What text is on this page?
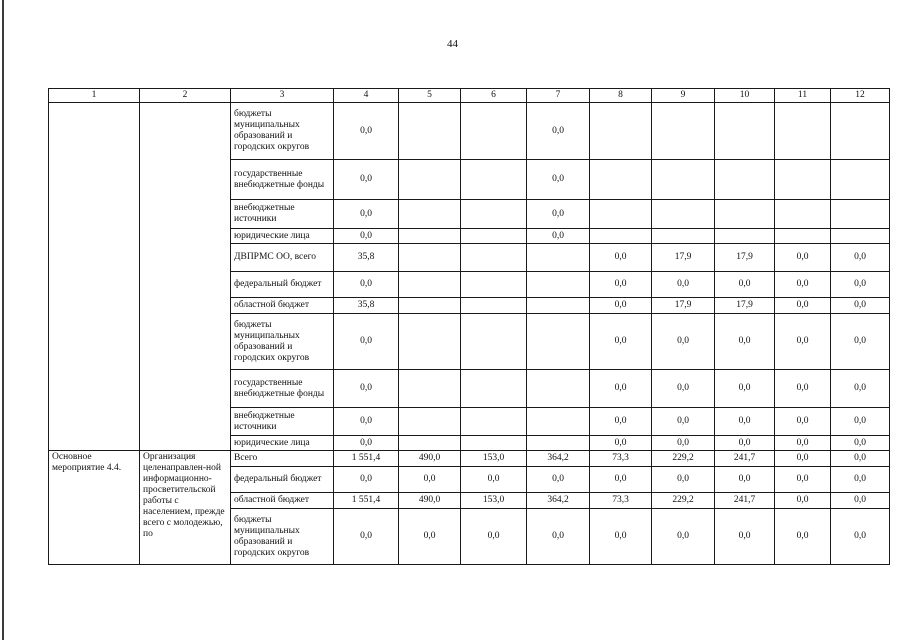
44
1	2	3	4	5	6	7	8	9	10	11	12
		бюджеты муниципальных образований и городских округов	0,0			0,0					
		государственные внебюджетные фонды	0,0			0,0					
		внебюджетные источники	0,0			0,0					
		юридические лица	0,0			0,0					
		ДВПРМС ОО, всего	35,8				0,0	17,9	17,9	0,0	0,0
		федеральный бюджет	0,0				0,0	0,0	0,0	0,0	0,0
		областной бюджет	35,8				0,0	17,9	17,9	0,0	0,0
		бюджеты муниципальных образований и городских округов	0,0				0,0	0,0	0,0	0,0	0,0
		государственные внебюджетные фонды	0,0				0,0	0,0	0,0	0,0	0,0
		внебюджетные источники	0,0				0,0	0,0	0,0	0,0	0,0
		юридические лица	0,0				0,0	0,0	0,0	0,0	0,0
Основное мероприятие 4.4.	Организация целенаправлен-ной информационно-просветительской работы с населением, прежде всего с молодежью, по	Всего	1 551,4	490,0	153,0	364,2	73,3	229,2	241,7	0,0	0,0
		федеральный бюджет	0,0	0,0	0,0	0,0	0,0	0,0	0,0	0,0	0,0
		областной бюджет	1 551,4	490,0	153,0	364,2	73,3	229,2	241,7	0,0	0,0
		бюджеты муниципальных образований и городских округов	0,0	0,0	0,0	0,0	0,0	0,0	0,0	0,0	0,0
